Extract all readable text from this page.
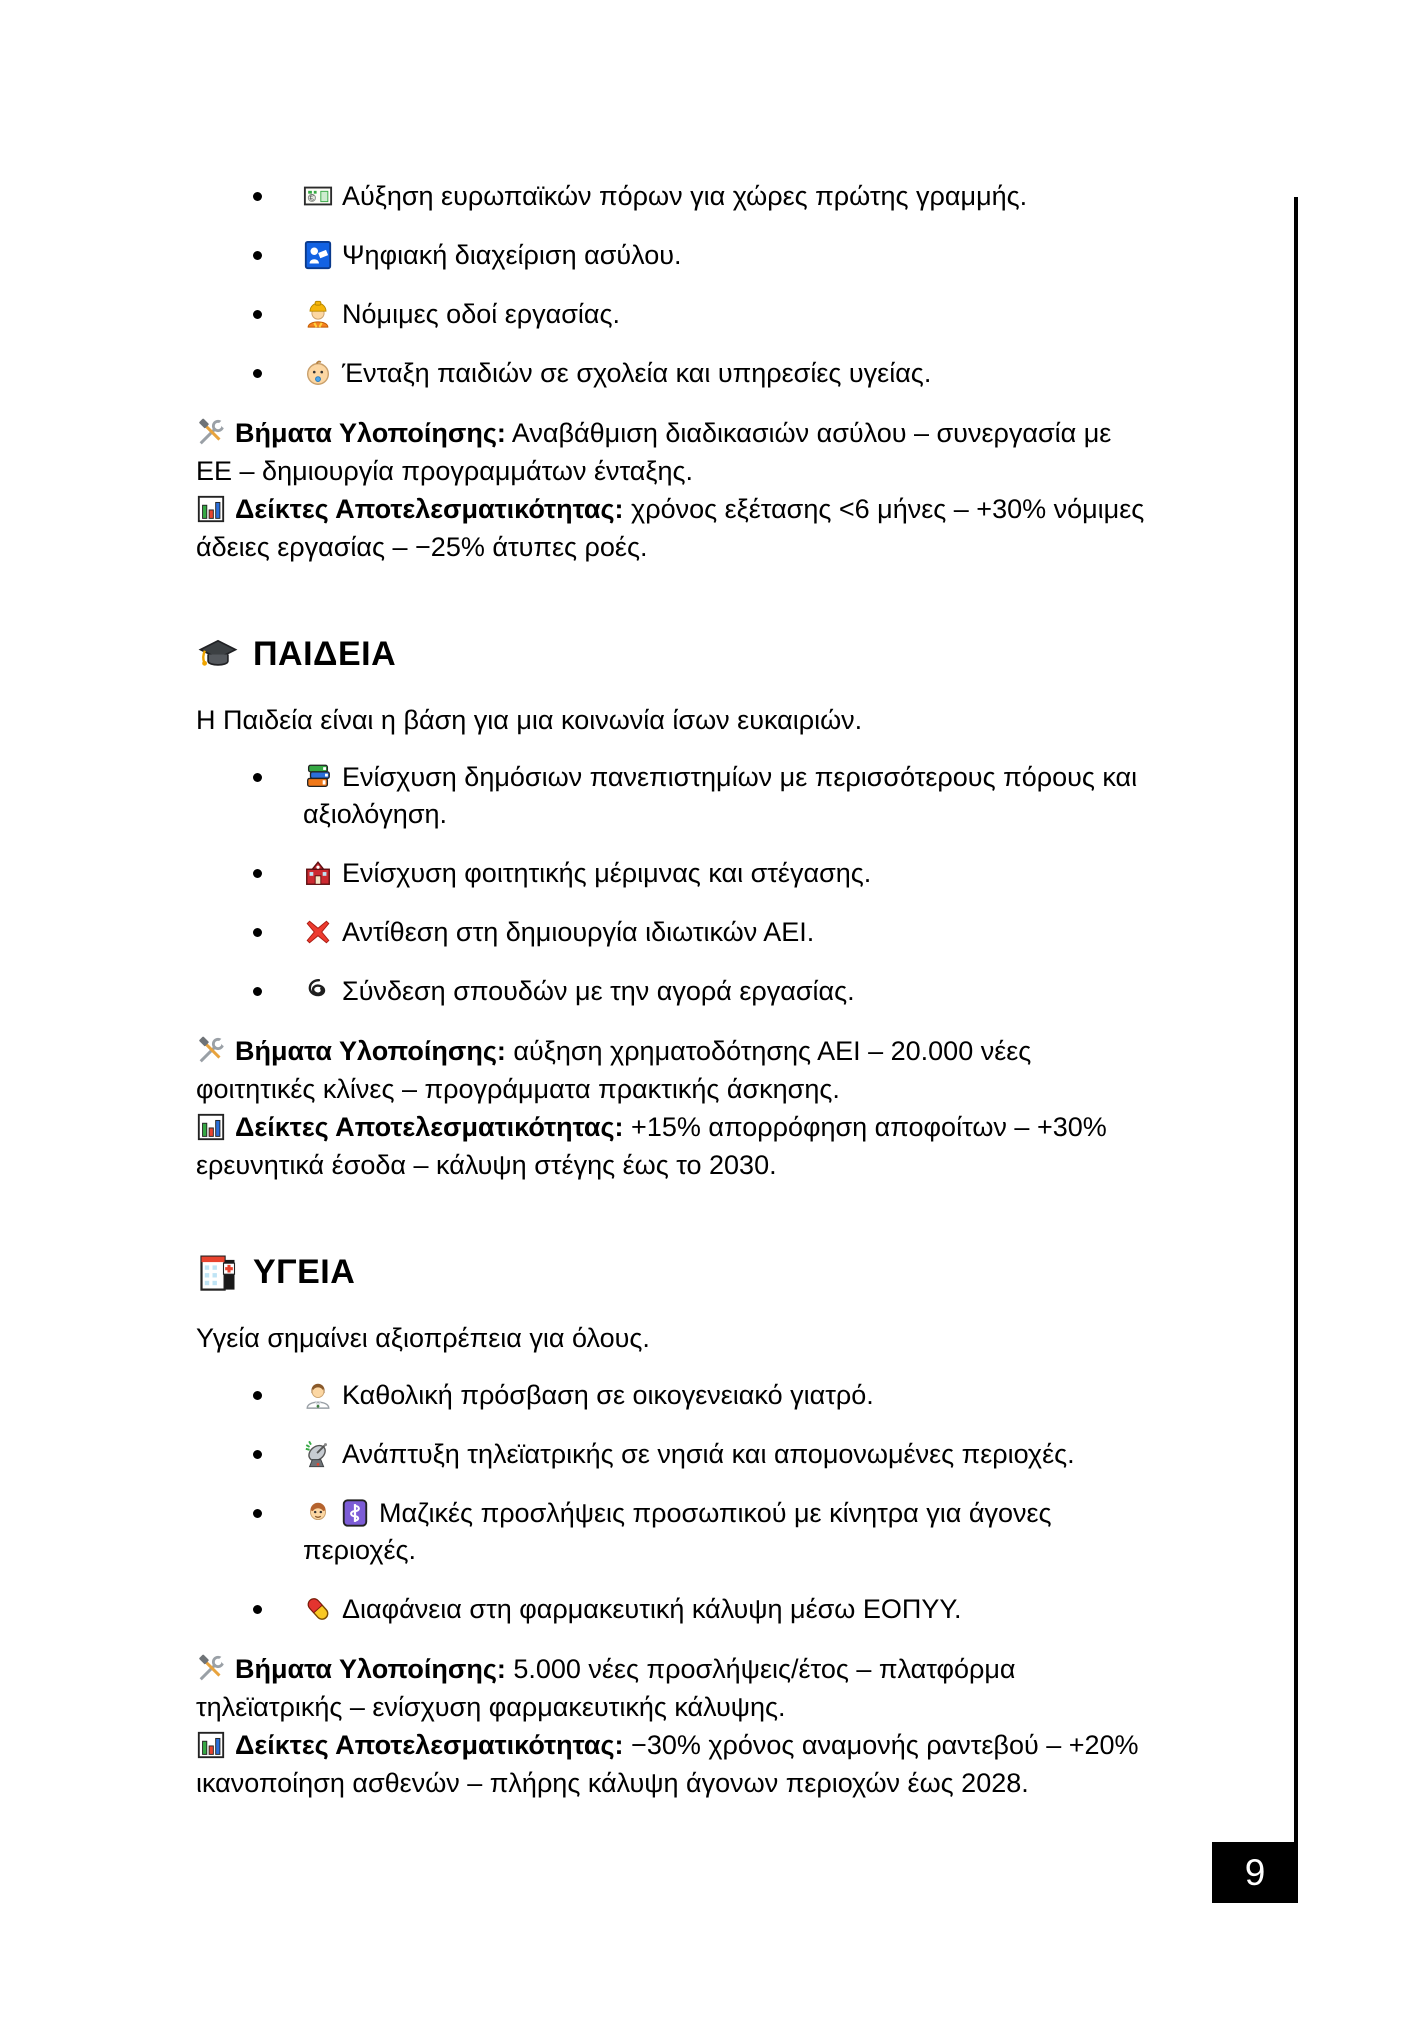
€ Αύξηση ευρωπαϊκών πόρων για χώρες πρώτης γραμμής.
Ψηφιακή διαχείριση ασύλου.
Νόμιμες οδοί εργασίας.
Ένταξη παιδιών σε σχολεία και υπηρεσίες υγείας.

Βήματα Υλοποίησης: Αναβάθμιση διαδικασιών ασύλου – συνεργασία με ΕΕ – δημιουργία προγραμμάτων ένταξης.

Δείκτες Αποτελεσματικότητας: χρόνος εξέτασης <6 μήνες – +30% νόμιμες άδειες εργασίας – −25% άτυπες ροές.

ΠΑΙΔΕΙΑ

Η Παιδεία είναι η βάση για μια κοινωνία ίσων ευκαιριών.

Ενίσχυση δημόσιων πανεπιστημίων με περισσότερους πόρους και αξιολόγηση.
Ενίσχυση φοιτητικής μέριμνας και στέγασης.
Αντίθεση στη δημιουργία ιδιωτικών ΑΕΙ.
Σύνδεση σπουδών με την αγορά εργασίας.

Βήματα Υλοποίησης: αύξηση χρηματοδότησης ΑΕΙ – 20.000 νέες φοιτητικές κλίνες – προγράμματα πρακτικής άσκησης.

Δείκτες Αποτελεσματικότητας: +15% απορρόφηση αποφοίτων – +30% ερευνητικά έσοδα – κάλυψη στέγης έως το 2030.

ΥΓΕΙΑ

Υγεία σημαίνει αξιοπρέπεια για όλους.

Καθολική πρόσβαση σε οικογενειακό γιατρό.
Ανάπτυξη τηλεϊατρικής σε νησιά και απομονωμένες περιοχές.
Μαζικές προσλήψεις προσωπικού με κίνητρα για άγονες περιοχές.
Διαφάνεια στη φαρμακευτική κάλυψη μέσω ΕΟΠΥΥ.

Βήματα Υλοποίησης: 5.000 νέες προσλήψεις/έτος – πλατφόρμα τηλεϊατρικής – ενίσχυση φαρμακευτικής κάλυψης.

Δείκτες Αποτελεσματικότητας: −30% χρόνος αναμονής ραντεβού – +20% ικανοποίηση ασθενών – πλήρης κάλυψη άγονων περιοχών έως 2028.

9
